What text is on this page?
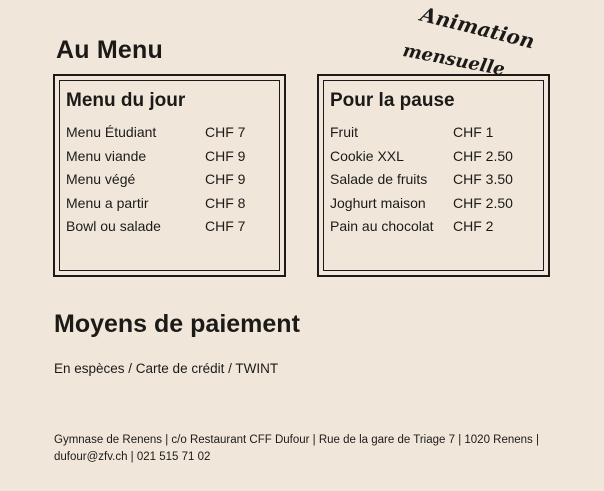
Au Menu	Animation
mensuelle
Menu du jour
Menu Étudiant	CHF 7
Menu viande	CHF 9
Menu végé	CHF 9
Menu a partir	CHF 8
Bowl ou salade	CHF 7
Pour la pause
Fruit	CHF 1
Cookie XXL	CHF 2.50
Salade de fruits CHF 3.50
Joghurt maison CHF 2.50
Pain au chocolat CHF 2
Moyens de paiement
En espèces / Carte de crédit / TWINT
Gymnase de Renens | c/o Restaurant CFF Dufour | Rue de la gare de Triage 7 | 1020 Renens |
dufour@zfv.ch | 021 515 71 02
